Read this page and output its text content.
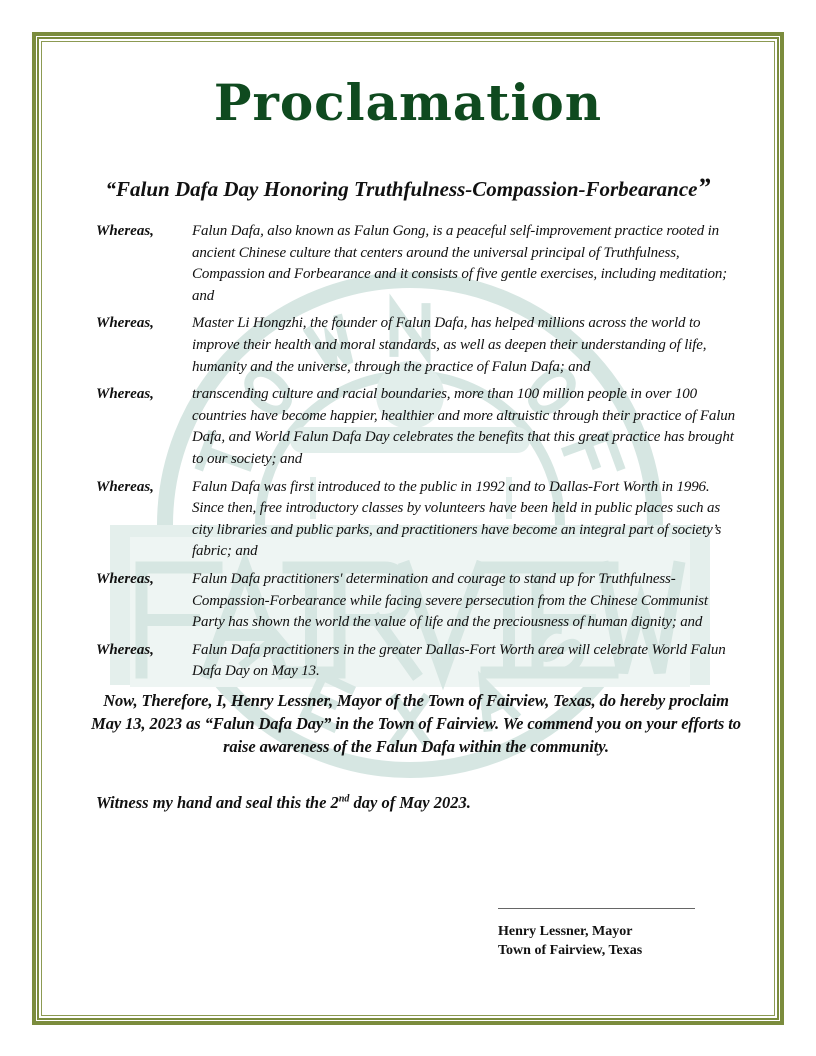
Proclamation
“Falun Dafa Day Honoring Truthfulness-Compassion-Forbearance”
Whereas,	Falun Dafa, also known as Falun Gong, is a peaceful self-improvement practice rooted in ancient Chinese culture that centers around the universal principal of Truthfulness, Compassion and Forbearance and it consists of five gentle exercises, including meditation; and
Whereas,	Master Li Hongzhi, the founder of Falun Dafa, has helped millions across the world to improve their health and moral standards, as well as deepen their understanding of life, humanity and the universe, through the practice of Falun Dafa; and
Whereas,	transcending culture and racial boundaries, more than 100 million people in over 100 countries have become happier, healthier and more altruistic through their practice of Falun Dafa, and World Falun Dafa Day celebrates the benefits that this great practice has brought to our society; and
Whereas,	Falun Dafa was first introduced to the public in 1992 and to Dallas-Fort Worth in 1996. Since then, free introductory classes by volunteers have been held in public places such as city libraries and public parks, and practitioners have become an integral part of society’s fabric; and
Whereas,	Falun Dafa practitioners' determination and courage to stand up for Truthfulness-Compassion-Forbearance while facing severe persecution from the Chinese Communist Party has shown the world the value of life and the preciousness of human dignity; and
Whereas,	Falun Dafa practitioners in the greater Dallas-Fort Worth area will celebrate World Falun Dafa Day on May 13.
Now, Therefore, I, Henry Lessner, Mayor of the Town of Fairview, Texas, do hereby proclaim May 13, 2023 as “Falun Dafa Day” in the Town of Fairview. We commend you on your efforts to raise awareness of the Falun Dafa within the community.
Witness my hand and seal this the 2nd day of May 2023.
Henry Lessner, Mayor
Town of Fairview, Texas
